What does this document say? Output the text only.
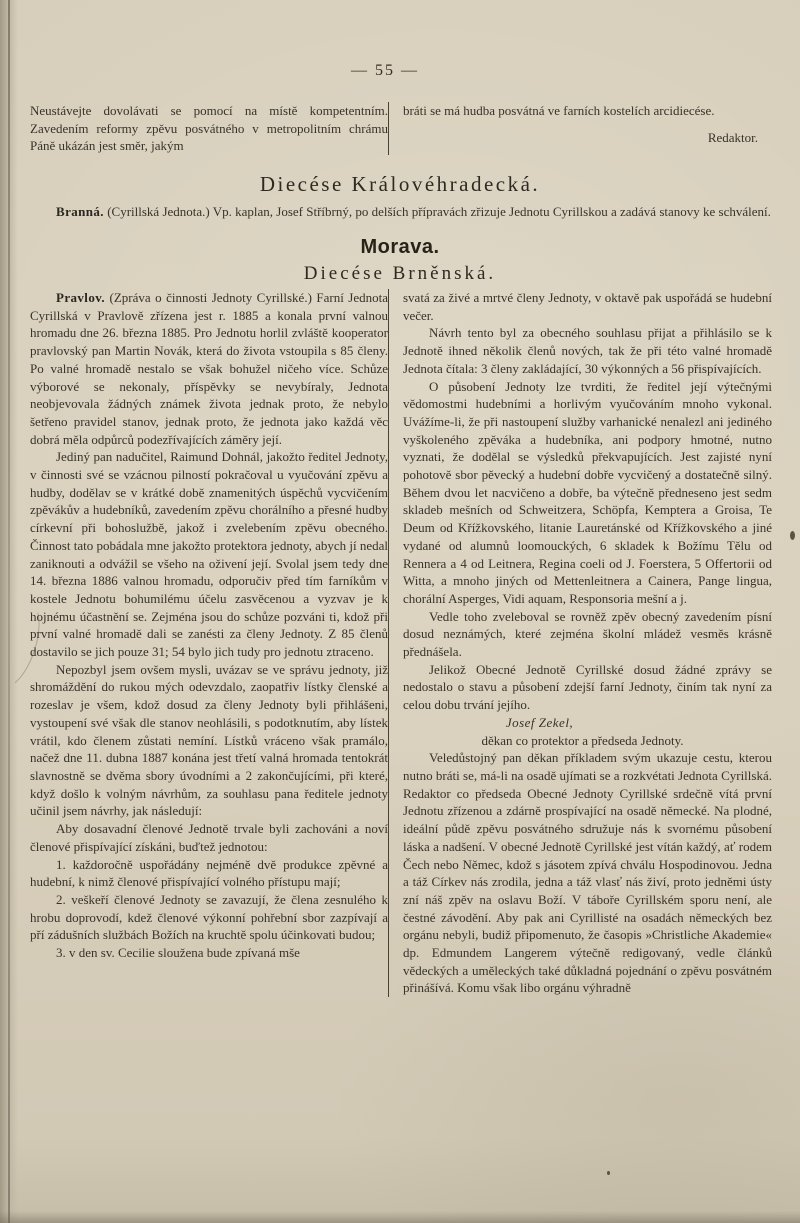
— 55 —

Neustávejte dovolávati se pomocí na místě kompetentním. Zavedením reformy zpěvu posvátného v metropolitním chrámu Páně ukázán jest směr, jakým

bráti se má hudba posvátná ve farních kostelích arcidiecése.

Redaktor.

Diecése Královéhradecká.

Branná. (Cyrillská Jednota.) Vp. kaplan, Josef Stříbrný, po delších přípravách zřizuje Jednotu Cyrillskou a zadává stanovy ke schválení.

Morava.
Diecése Brněnská.

Pravlov. (Zpráva o činnosti Jednoty Cyrillské.) Farní Jednota Cyrillská v Pravlově zřízena jest r. 1885 a konala první valnou hromadu dne 26. března 1885. Pro Jednotu horlil zvláště kooperator pravlovský pan Martin Novák, která do života vstoupila s 85 členy. Po valné hromadě nestalo se však bohužel ničeho více. Schůze výborové se nekonaly, příspěvky se nevybíraly, Jednota neobjevovala žádných známek života jednak proto, že nebylo šetřeno pravidel stanov, jednak proto, že jednota jako každá věc dobrá měla odpůrců podezřívajících záměry její.

Jediný pan nadučitel, Raimund Dohnál, jakožto ředitel Jednoty, v činnosti své se vzácnou pilností pokračoval u vyučování zpěvu a hudby, dodělav se v krátké době znamenitých úspěchů vycvičením zpěvákův a hudebníků, zavedením zpěvu chorálního a přesné hudby církevní při bohoslužbě, jakož i zvelebením zpěvu obecného. Činnost tato pobádala mne jakožto protektora jednoty, abych jí nedal zaniknouti a odvážil se všeho na oživení její. Svolal jsem tedy dne 14. března 1886 valnou hromadu, odporučiv před tím farníkům v kostele Jednotu bohumilému účelu zasvěcenou a vyzvav je k hojnému účastnění se. Zejména jsou do schůze pozváni ti, kdož při první valné hromadě dali se zanésti za členy Jednoty. Z 85 členů dostavilo se jich pouze 31; 54 bylo jich tudy pro jednotu ztraceno.

Nepozbyl jsem ovšem mysli, uvázav se ve správu jednoty, již shromáždění do rukou mých odevzdalo, zaopatřiv lístky členské a rozeslav je všem, kdož dosud za členy Jednoty byli přihlášeni, vystoupení své však dle stanov neohlásili, s podotknutím, aby lístek vrátil, kdo členem zůstati nemíní. Lístků vráceno však pramálo, načež dne 11. dubna 1887 konána jest třetí valná hromada tentokrát slavnostně se dvěma sbory úvodními a 2 zakončujícími, při které, když došlo k volným návrhům, za souhlasu pana ředitele jednoty učinil jsem návrhy, jak následují:

Aby dosavadní členové Jednotě trvale byli zachováni a noví členové přispívající získáni, buďtež jednotou:

1. každoročně uspořádány nejméně dvě produkce zpěvné a hudební, k nimž členové přispívající volného přístupu mají;

2. veškeří členové Jednoty se zavazují, že člena zesnulého k hrobu doprovodí, kdež členové výkonní pohřební sbor zazpívají a pří zádušních službách Božích na kruchtě spolu účinkovati budou;

3. v den sv. Cecilie sloužena bude zpívaná mše

svatá za živé a mrtvé členy Jednoty, v oktavě pak uspořádá se hudební večer.

Návrh tento byl za obecného souhlasu přijat a přihlásilo se k Jednotě ihned několik členů nových, tak že při této valné hromadě Jednota čítala: 3 členy zakládající, 30 výkonných a 56 přispívajících.

O působení Jednoty lze tvrditi, že ředitel její výtečnými vědomostmi hudebními a horlivým vyučováním mnoho vykonal. Uvážíme-li, že při nastoupení služby varhanické nenalezl ani jediného vyškoleného zpěváka a hudebníka, ani podpory hmotné, nutno vyznati, že dodělal se výsledků překvapujících. Jest zajisté nyní pohotově sbor pěvecký a hudební dobře vycvičený a dostatečně silný. Během dvou let nacvičeno a dobře, ba výtečně předneseno jest sedm skladeb mešních od Schweitzera, Schöpfa, Kemptera a Groisa, Te Deum od Křížkovského, litanie Lauretánské od Křížkovského a jiné vydané od alumnů loomouckých, 6 skladek k Božímu Tělu od Rennera a 4 od Leitnera, Regina coeli od J. Foerstera, 5 Offertorii od Witta, a mnoho jiných od Mettenleitnera a Cainera, Pange lingua, chorální Asperges, Vidi aquam, Responsoria mešní a j.

Vedle toho zveleboval se rovněž zpěv obecný zavedením písní dosud neznámých, které zejména školní mládež vesměs krásně přednášela.

Jelikož Obecné Jednotě Cyrillské dosud žádné zprávy se nedostalo o stavu a působení zdejší farní Jednoty, činím tak nyní za celou dobu trvání jejího.

Josef Zekel,

děkan co protektor a předseda Jednoty.

Veledůstojný pan děkan příkladem svým ukazuje cestu, kterou nutno bráti se, má-li na osadě ujímati se a rozkvétati Jednota Cyrillská. Redaktor co předseda Obecné Jednoty Cyrillské srdečně vítá první Jednotu zřízenou a zdárně prospívající na osadě německé. Na plodné, ideální půdě zpěvu posvátného sdružuje nás k svornému působení láska a nadšení. V obecné Jednotě Cyrillské jest vítán každý, ať rodem Čech nebo Němec, kdož s jásotem zpívá chválu Hospodinovou. Jedna a táž Církev nás zrodila, jedna a táž vlasť nás živí, proto jedněmi ústy zní náš zpěv na oslavu Boží. V táboře Cyrillském sporu není, ale čestné závodění. Aby pak ani Cyrillisté na osadách německých bez orgánu nebyli, budiž připomenuto, že časopis »Christliche Akademie« dp. Edmundem Langerem výtečně redigovaný, vedle článků vědeckých a uměleckých také důkladná pojednání o zpěvu posvátném přinášívá. Komu však libo orgánu výhradně
